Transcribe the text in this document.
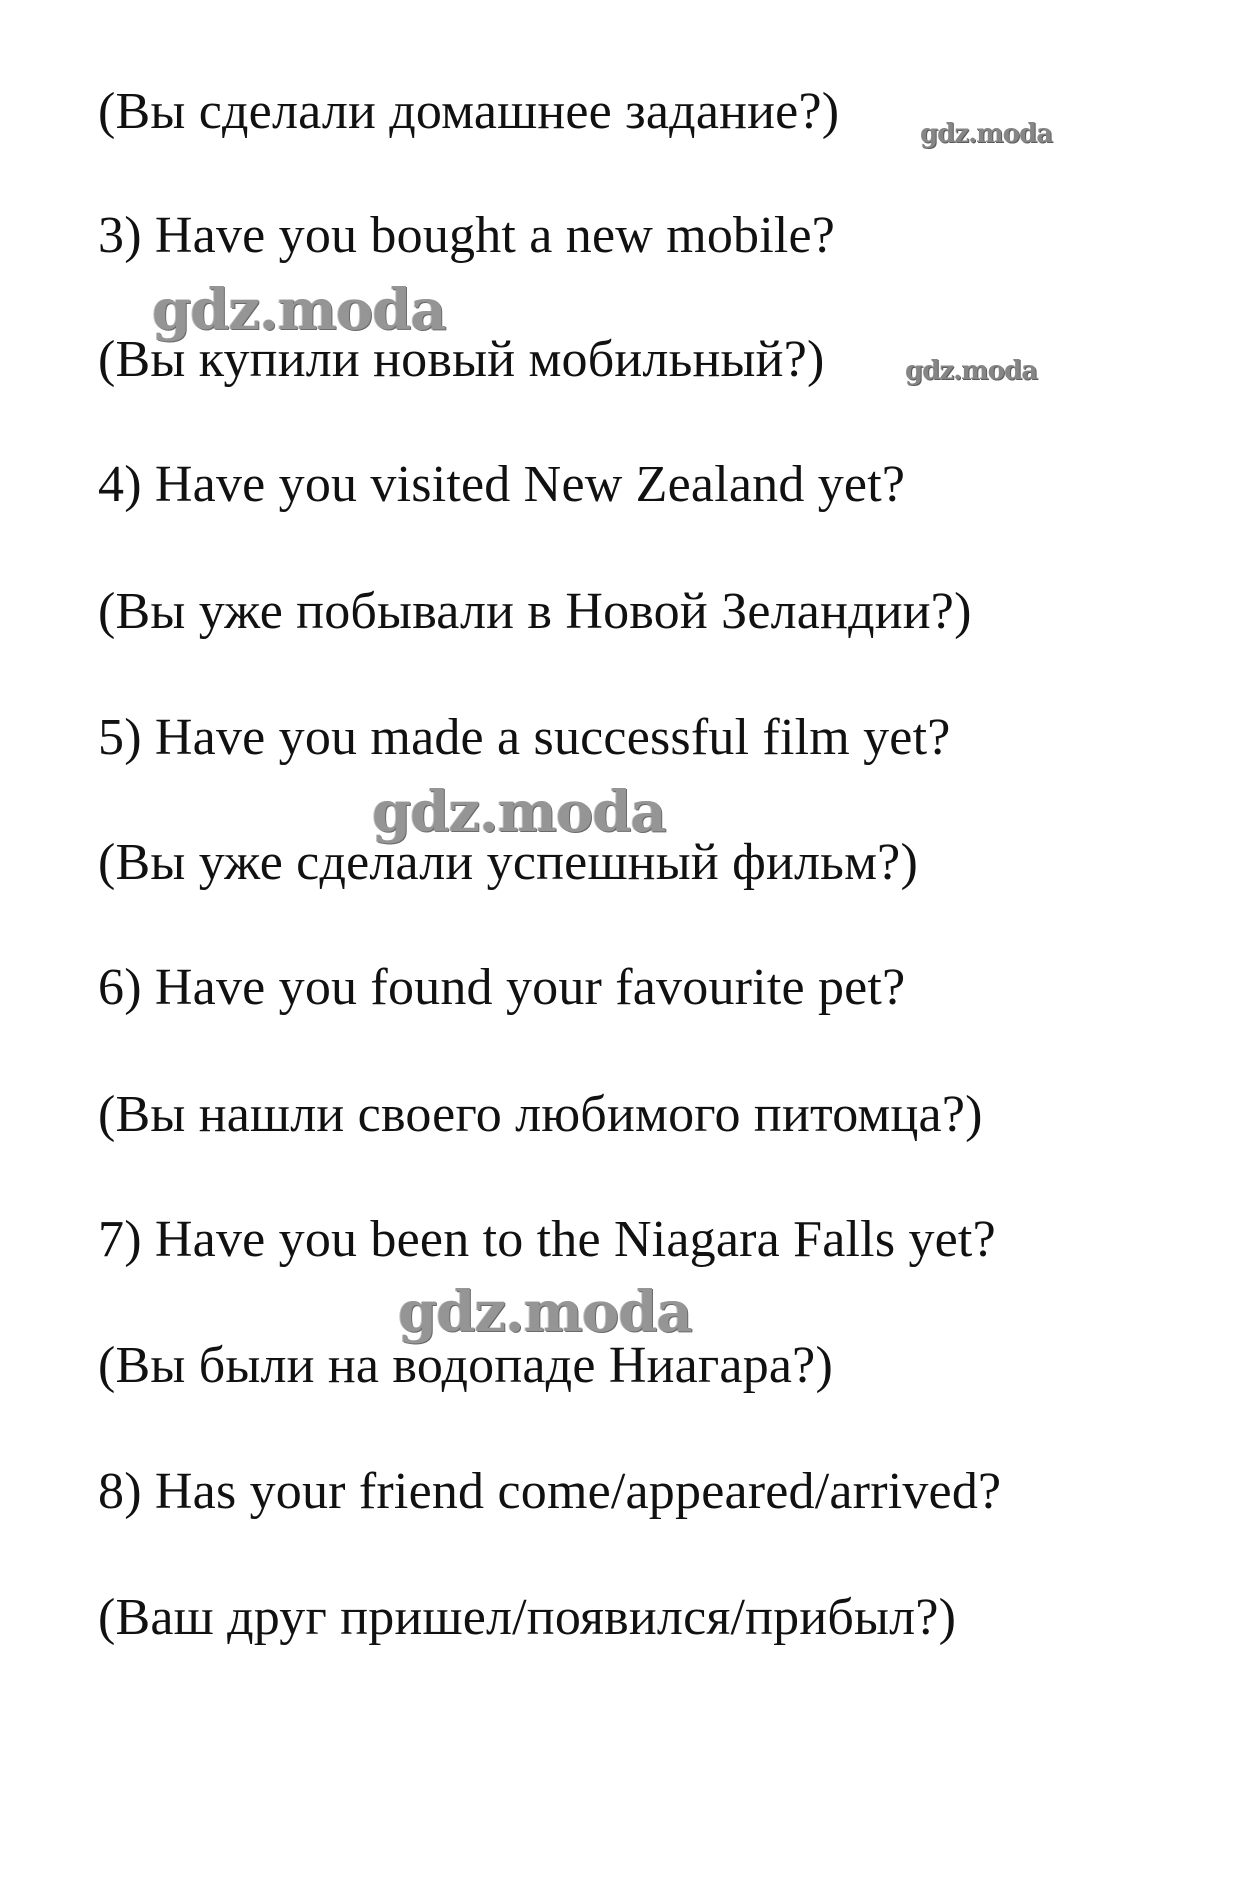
(Вы сделали домашнее задание?)	gdz.moda
3) Have you bought a new mobile?
gdz.moda
(Вы купили новый мобильный?)	gdz.moda
4) Have you visited New Zealand yet?
(Вы уже побывали в Новой Зеландии?)
5) Have you made a successful film yet?
gdz.moda
(Вы уже сделали успешный фильм?)
6) Have you found your favourite pet?
(Вы нашли своего любимого питомца?)
7) Have you been to the Niagara Falls yet?
gdz.moda
(Вы были на водопаде Ниагара?)
8) Has your friend come/appeared/arrived?
(Ваш друг пришел/появился/прибыл?)
